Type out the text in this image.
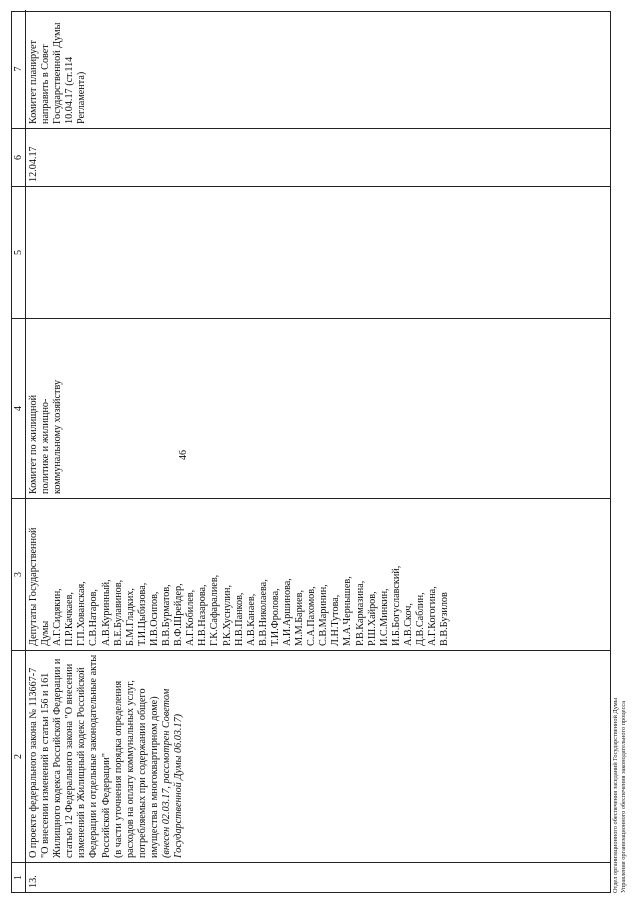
46
1 13.
2 О проекте федерального закона № 113667-7 "О внесении изменений в статьи 156 и 161 Жилищного кодекса Российской Федерации и статью 12 Федерального закона "О внесении изменений в Жилищный кодекс Российской Федерации и отдельные законодательные акты Российской Федерации" (в части уточнения порядка определения расходов на оплату коммунальных услуг, потребляемых при содержании общего имущества в многоквартирном доме) (внесен 02.03.17, рассмотрен Советом Государственной Думы 06.03.17)
3 Депутаты Государственной Думы А.Г.Сидякин, П.Р.Качкаев, Г.П.Хованская, С.В.Натаров, А.В.Куринный, В.Е.Булавинов, Б.М.Гладких, Т.И.Цыбизова, И.В.Осипов, В.В.Бурматов, В.Ф.Шрейдер, А.Г.Кобилев, Н.В.Назарова, Г.К.Сафаралиев, Р.К.Хуснулин, Н.В.Панков, А.В.Канаев, В.В.Николаева, Т.И.Фролова, А.И.Аршинова, М.М.Бариев, С.А.Пахомов, С.В.Маринин, Л.Н.Тутова, М.А.Чернышев, Р.В.Кармазина, Р.Ш.Хайров, И.С.Минкин, И.Б.Богуславский, А.В.Скоч, Д.В.Саблин, А.Г.Когогина, В.В.Бузилов
4 Комитет по жилищной политике и жилищно-коммунальному хозяйству
5
6 12.04.17
7 Комитет планирует направить в Совет Государственной Думы 10.04.17 (ст.114 Регламента)
Отдел организационного обеспечения заседаний Государственной Думы Управления организационного обеспечения законодательного процесса
